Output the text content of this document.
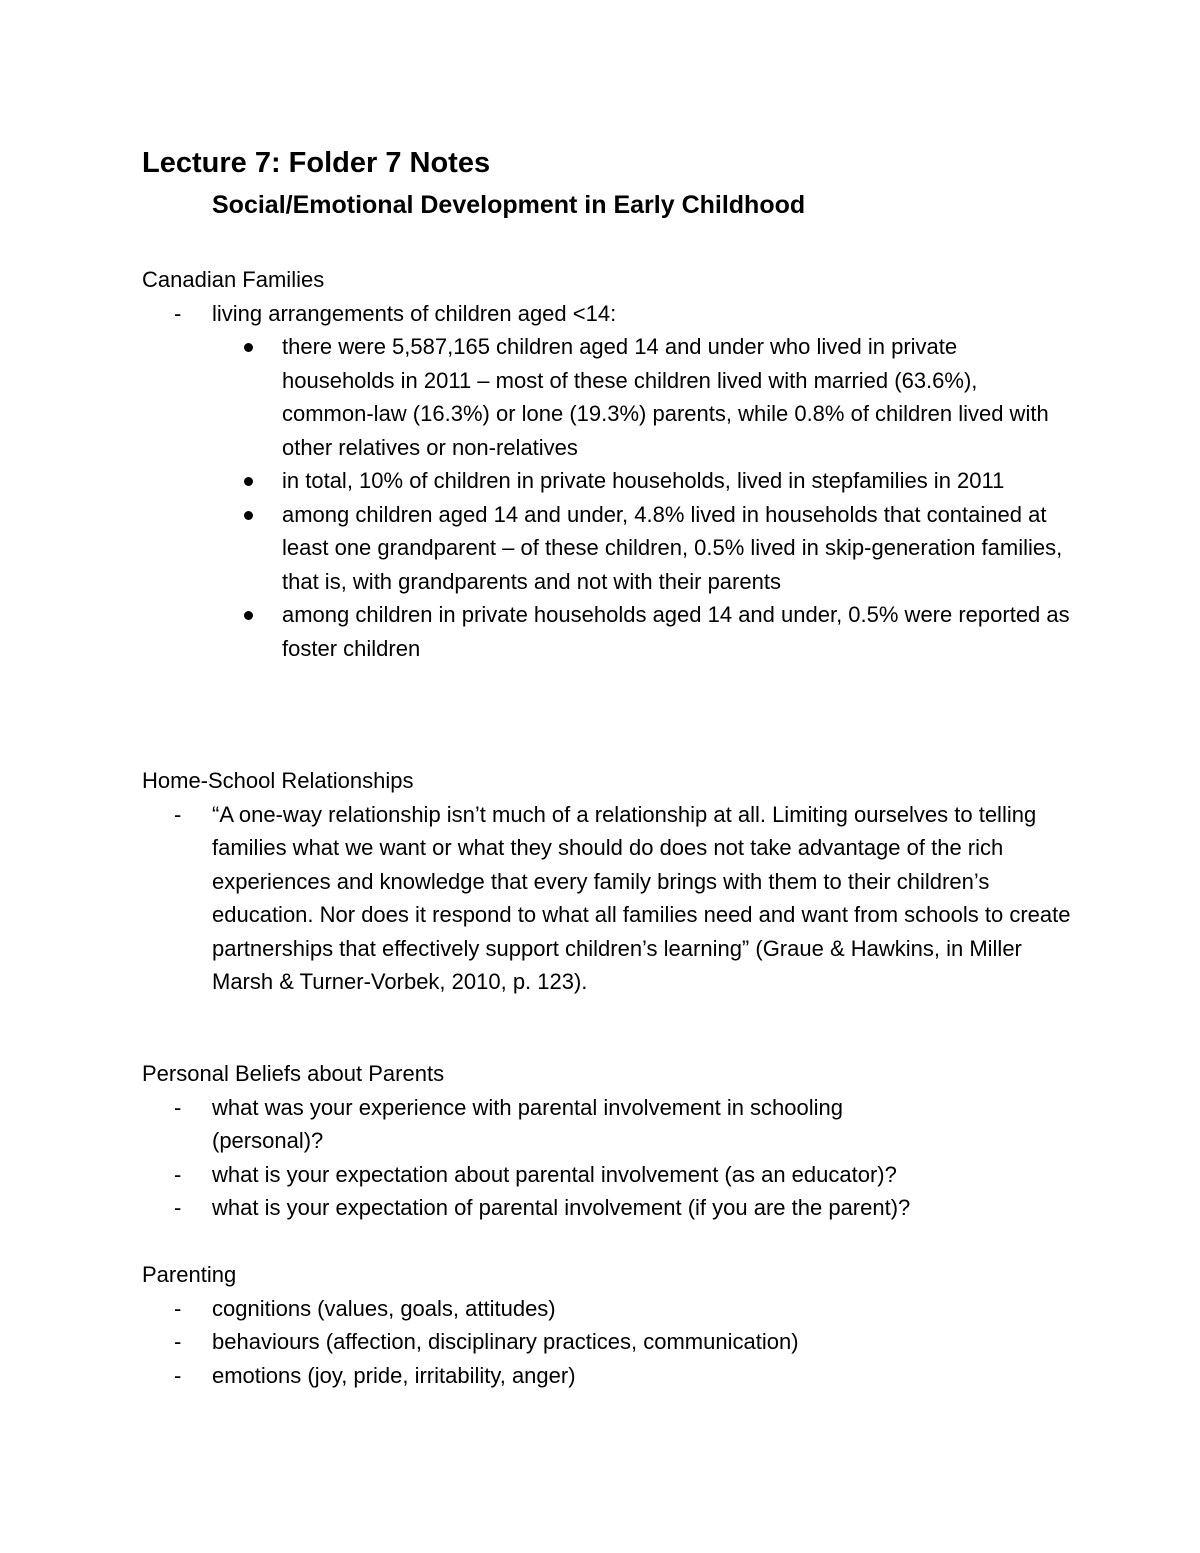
Lecture 7: Folder 7 Notes
Social/Emotional Development in Early Childhood
Canadian Families
- living arrangements of children aged <14:
there were 5,587,165 children aged 14 and under who lived in private households in 2011 – most of these children lived with married (63.6%), common-law (16.3%) or lone (19.3%) parents, while 0.8% of children lived with other relatives or non-relatives
in total, 10% of children in private households, lived in stepfamilies in 2011
among children aged 14 and under, 4.8% lived in households that contained at least one grandparent – of these children, 0.5% lived in skip-generation families, that is, with grandparents and not with their parents
among children in private households aged 14 and under, 0.5% were reported as foster children
Home-School Relationships
- “A one-way relationship isn’t much of a relationship at all. Limiting ourselves to telling families what we want or what they should do does not take advantage of the rich experiences and knowledge that every family brings with them to their children’s education. Nor does it respond to what all families need and want from schools to create partnerships that effectively support children’s learning” (Graue & Hawkins, in Miller Marsh & Turner-Vorbek, 2010, p. 123).
Personal Beliefs about Parents
- what was your experience with parental involvement in schooling (personal)?
- what is your expectation about parental involvement (as an educator)?
- what is your expectation of parental involvement (if you are the parent)?
Parenting
- cognitions (values, goals, attitudes)
- behaviours (affection, disciplinary practices, communication)
- emotions (joy, pride, irritability, anger)
